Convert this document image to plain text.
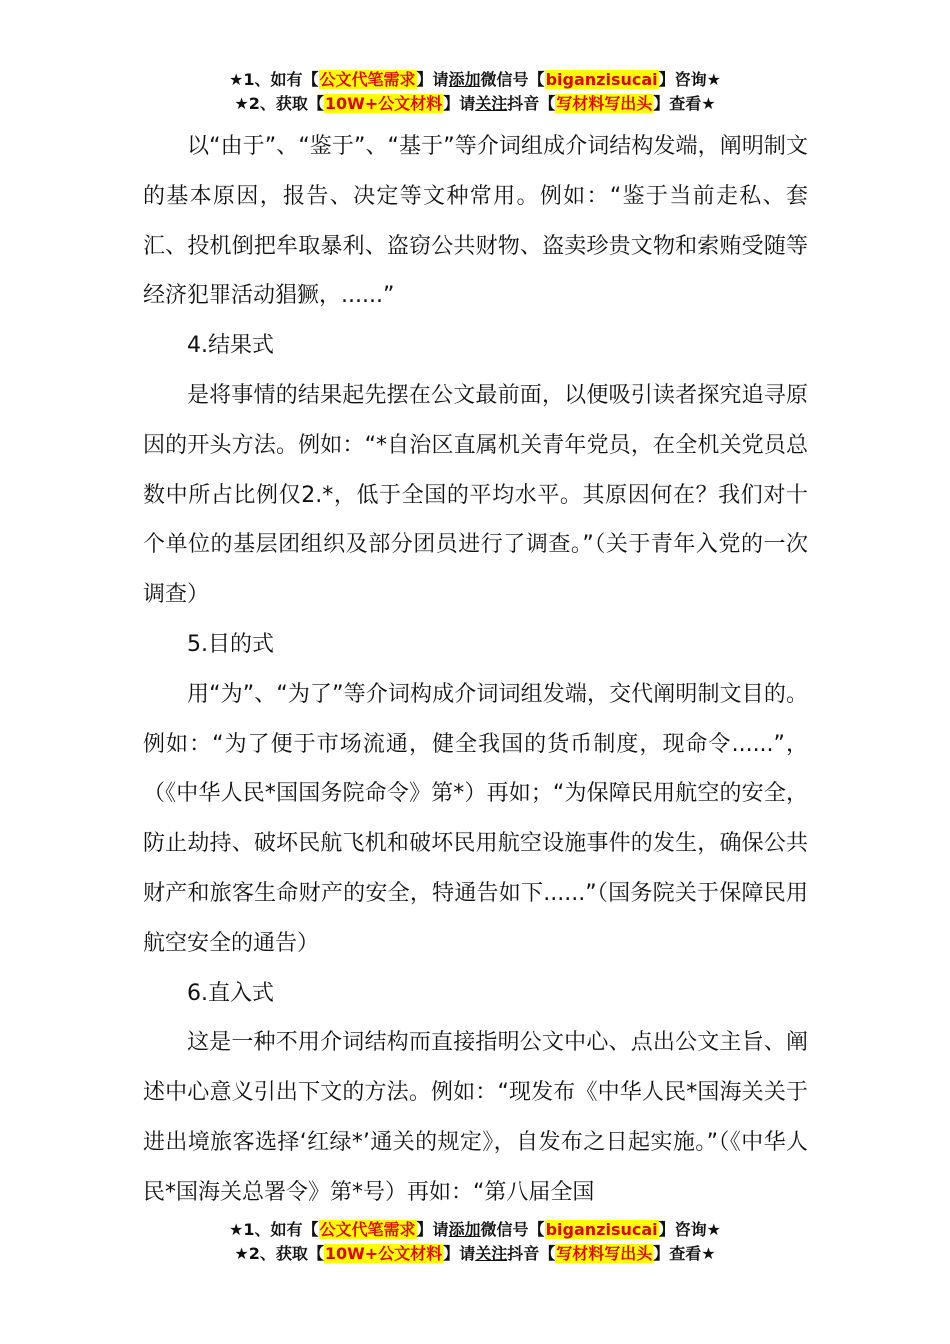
★1、如有【公文代笔需求】请添加微信号【biganzisucai】咨询★
★2、获取【10W+公文材料】请关注抖音【写材料写出头】查看★

以“由于”、“鉴于”、“基于”等介词组成介词结构发端，阐明制文的基本原因，报告、决定等文种常用。例如：“鉴于当前走私、套汇、投机倒把牟取暴利、盗窃公共财物、盗卖珍贵文物和索贿受随等经济犯罪活动猖獗，......”

4.结果式

是将事情的结果起先摆在公文最前面，以便吸引读者探究追寻原因的开头方法。例如：“*自治区直属机关青年党员，在全机关党员总数中所占比例仅2.*，低于全国的平均水平。其原因何在？我们对十个单位的基层团组织及部分团员进行了调查。”（关于青年入党的一次调查）

5.目的式

用“为”、“为了”等介词构成介词词组发端，交代阐明制文目的。例如：“为了便于市场流通，健全我国的货币制度，现命令......”，（《中华人民*国国务院命令》第*）再如；“为保障民用航空的安全，防止劫持、破坏民航飞机和破坏民用航空设施事件的发生，确保公共财产和旅客生命财产的安全，特通告如下......”（国务院关于保障民用航空安全的通告）

6.直入式

这是一种不用介词结构而直接指明公文中心、点出公文主旨、阐述中心意义引出下文的方法。例如：“现发布《中华人民*国海关关于进出境旅客选择‘红绿*’通关的规定》，自发布之日起实施。”（《中华人民*国海关总署令》第*号）再如：“第八届全国

★1、如有【公文代笔需求】请添加微信号【biganzisucai】咨询★
★2、获取【10W+公文材料】请关注抖音【写材料写出头】查看★
